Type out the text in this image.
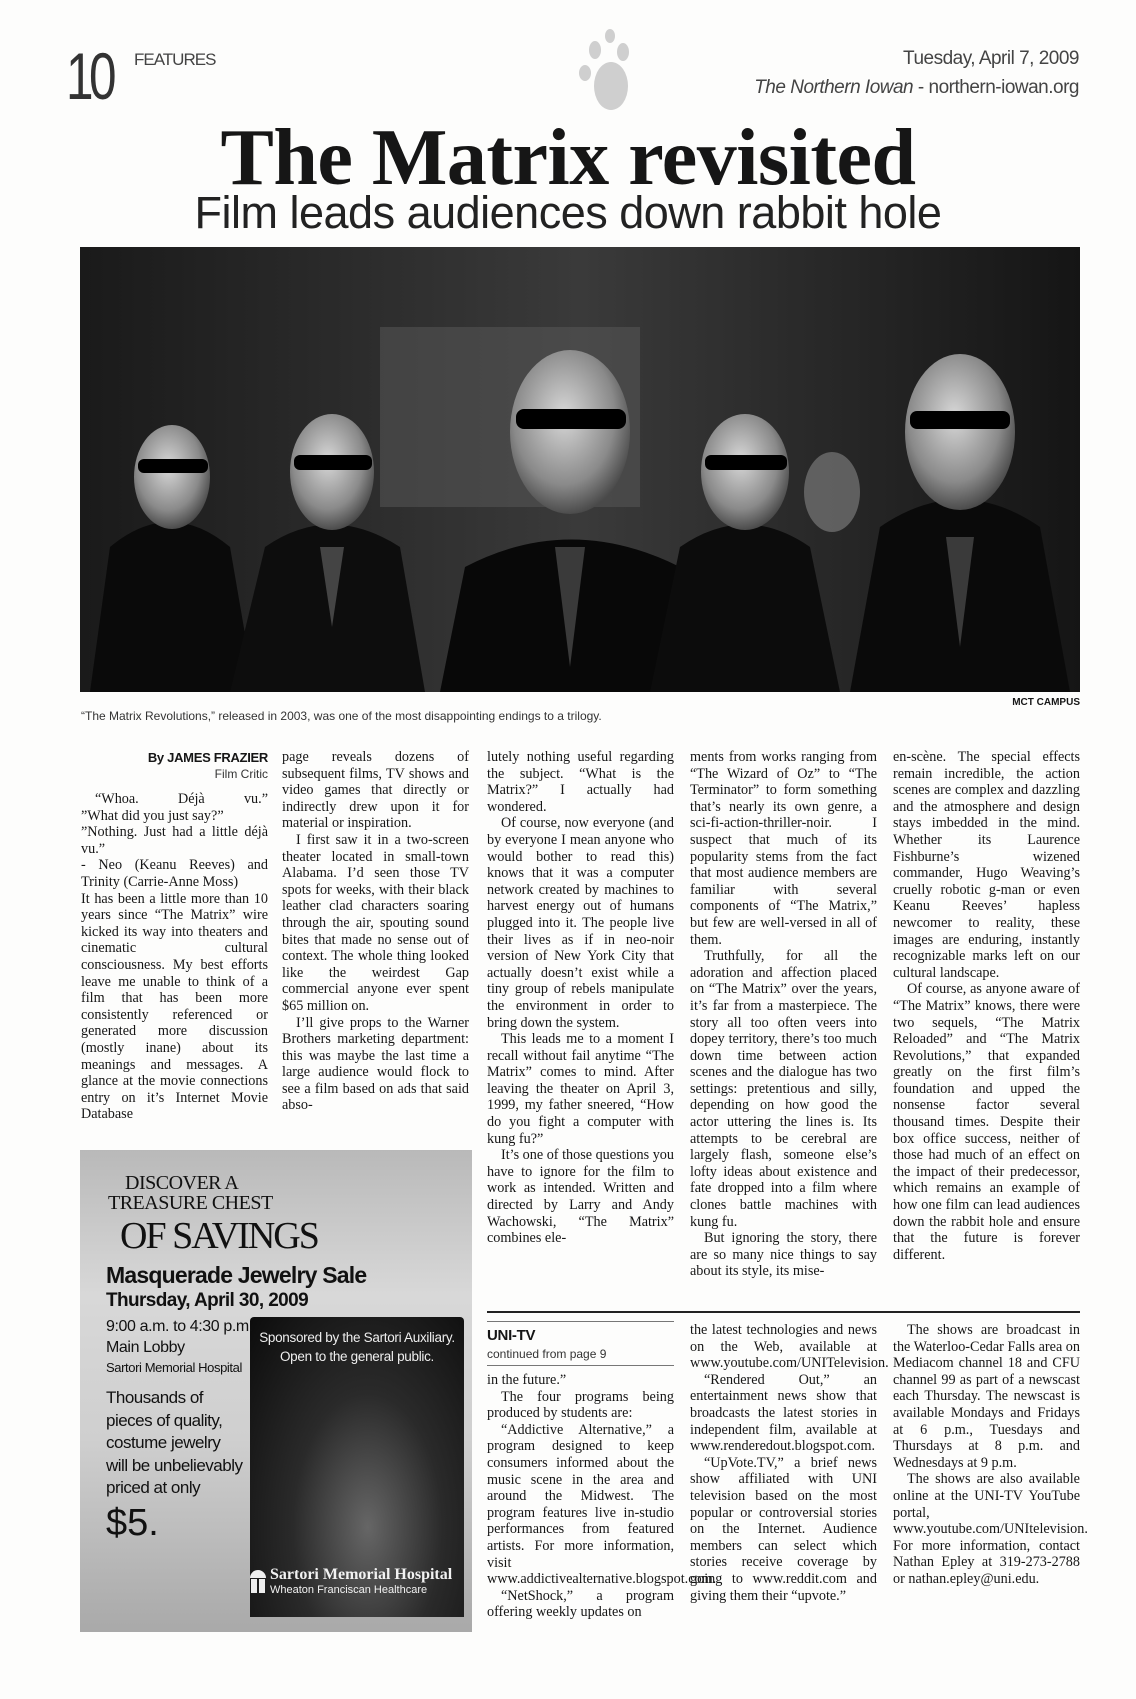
10 FEATURES	Tuesday, April 7, 2009
The Northern Iowan - northern-iowan.org
The Matrix revisited
Film leads audiences down rabbit hole
“The Matrix Revolutions,” released in 2003, was one of the most disappointing endings to a trilogy.
MCT CAMPUS
By JAMES FRAZIER
Film Critic

“Whoa. Déjà vu.”

”What did you just say?”

”Nothing. Just had a little déjà vu.”

- Neo (Keanu Reeves) and Trinity (Carrie-Anne Moss)

It has been a little more than 10 years since “The Matrix” wire kicked its way into theaters and cinematic cultural consciousness. My best efforts leave me unable to think of a film that has been more consistently referenced or generated more discussion (mostly inane) about its meanings and messages. A glance at the movie connections entry on it’s Internet Movie Database

page reveals dozens of subsequent films, TV shows and video games that directly or indirectly drew upon it for material or inspiration.

I first saw it in a two-screen theater located in small-town Alabama. I’d seen those TV spots for weeks, with their black leather clad characters soaring through the air, spouting sound bites that made no sense out of context. The whole thing looked like the weirdest Gap commercial anyone ever spent $65 million on.

I’ll give props to the Warner Brothers marketing department: this was maybe the last time a large audience would flock to see a film based on ads that said abso-

lutely nothing useful regarding the subject. “What is the Matrix?” I actually had wondered.

Of course, now everyone (and by everyone I mean anyone who would bother to read this) knows that it was a computer network created by machines to harvest energy out of humans plugged into it. The people live their lives as if in neo-noir version of New York City that actually doesn’t exist while a tiny group of rebels manipulate the environment in order to bring down the system.

This leads me to a moment I recall without fail anytime “The Matrix” comes to mind. After leaving the theater on April 3, 1999, my father sneered, “How do you fight a computer with kung fu?”

It’s one of those questions you have to ignore for the film to work as intended. Written and directed by Larry and Andy Wachowski, “The Matrix” combines ele-

ments from works ranging from “The Wizard of Oz” to “The Terminator” to form something that’s nearly its own genre, a sci-fi-action-thriller-noir. I suspect that much of its popularity stems from the fact that most audience members are familiar with several components of “The Matrix,” but few are well-versed in all of them.

Truthfully, for all the adoration and affection placed on “The Matrix” over the years, it’s far from a masterpiece. The story all too often veers into dopey territory, there’s too much down time between action scenes and the dialogue has two settings: pretentious and silly, depending on how good the actor uttering the lines is. Its attempts to be cerebral are largely flash, someone else’s lofty ideas about existence and fate dropped into a film where clones battle machines with kung fu.

But ignoring the story, there are so many nice things to say about its style, its mise-

en-scène. The special effects remain incredible, the action scenes are complex and dazzling and the atmosphere and design stays imbedded in the mind. Whether its Laurence Fishburne’s wizened commander, Hugo Weaving’s cruelly robotic g-man or even Keanu Reeves’ hapless newcomer to reality, these images are enduring, instantly recognizable marks left on our cultural landscape.

Of course, as anyone aware of “The Matrix” knows, there were two sequels, “The Matrix Reloaded” and “The Matrix Revolutions,” that expanded greatly on the first film’s foundation and upped the nonsense factor several thousand times. Despite their box office success, neither of those had much of an effect on the impact of their predecessor, which remains an example of how one film can lead audiences down the rabbit hole and ensure that the future is forever different.

UNI-TV
continued from page 9

in the future.”

The four programs being produced by students are:

“Addictive Alternative,” a program designed to keep consumers informed about the music scene in the area and around the Midwest. The program features live in-studio performances from featured artists. For more information, visit www.addictivealternative.blogspot.com.

“NetShock,” a program offering weekly updates on

the latest technologies and news on the Web, available at www.youtube.com/UNITelevision.

“Rendered Out,” an entertainment news show that broadcasts the latest stories in independent film, available at www.renderedout.blogspot.com.

“UpVote.TV,” a brief news show affiliated with UNI television based on the most popular or controversial stories on the Internet. Audience members can select which stories receive coverage by going to www.reddit.com and giving them their “upvote.”

The shows are broadcast in the Waterloo-Cedar Falls area on Mediacom channel 18 and CFU channel 99 as part of a newscast each Thursday. The newscast is available Mondays and Fridays at 6 p.m., Tuesdays and Thursdays at 8 p.m. and Wednesdays at 9 p.m.

The shows are also available online at the UNI-TV YouTube portal, www.youtube.com/UNItelevision.

For more information, contact Nathan Epley at 319-273-2788 or nathan.epley@uni.edu.

DISCOVER A
TREASURE CHEST
OF SAVINGS
Masquerade Jewelry Sale
Thursday, April 30, 2009
9:00 a.m. to 4:30 p.m.
Main Lobby
Sartori Memorial Hospital
Thousands of pieces of quality, costume jewelry will be unbelievably priced at only
$5.
Sponsored by the Sartori Auxiliary.
Open to the general public.
Sartori Memorial Hospital
Wheaton Franciscan Healthcare
